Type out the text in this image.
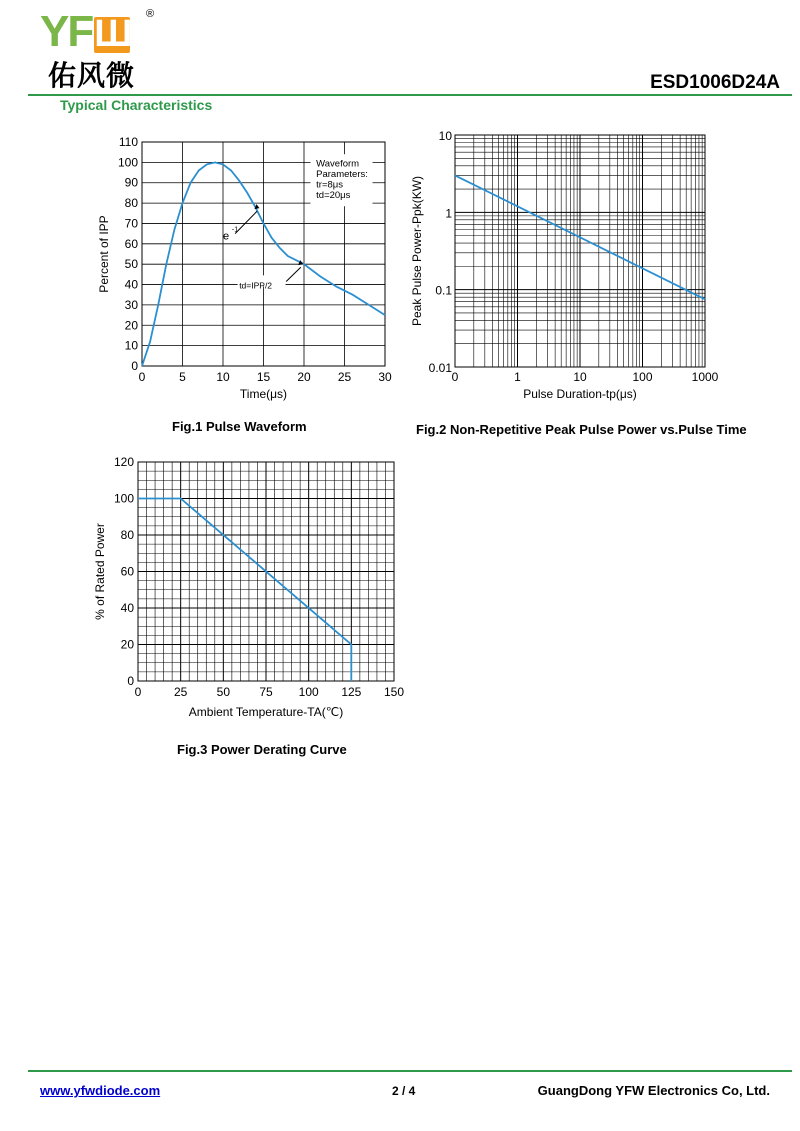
YFШ ®
佑风微	ESD1006D24A
Typical Characteristics
0
10
20
30
40
50
60
70
80
90
100
110
0	5	10 15 20 25 30
Time(μs)
Percent of IPP
Waveform
Parameters:
tr=8μs
td=20μs
e
-1
td=IPP/2
Fig.1 Pulse Waveform
0	1	10	100	1000
0.01
0.1
1
10
Pulse Duration-tp(μs)
Peak Pulse Power-Ppk(KW)
Fig.2 Non-Repetitive Peak Pulse Power vs.Pulse Time
0	25 50 75 100 125 150
0
20
40
60
80
100
120
Ambient Temperature-TA(℃)
% of Rated Power
Fig.3 Power Derating Curve
www.yfwdiode.com	2 / 4	GuangDong YFW Electronics Co, Ltd.
